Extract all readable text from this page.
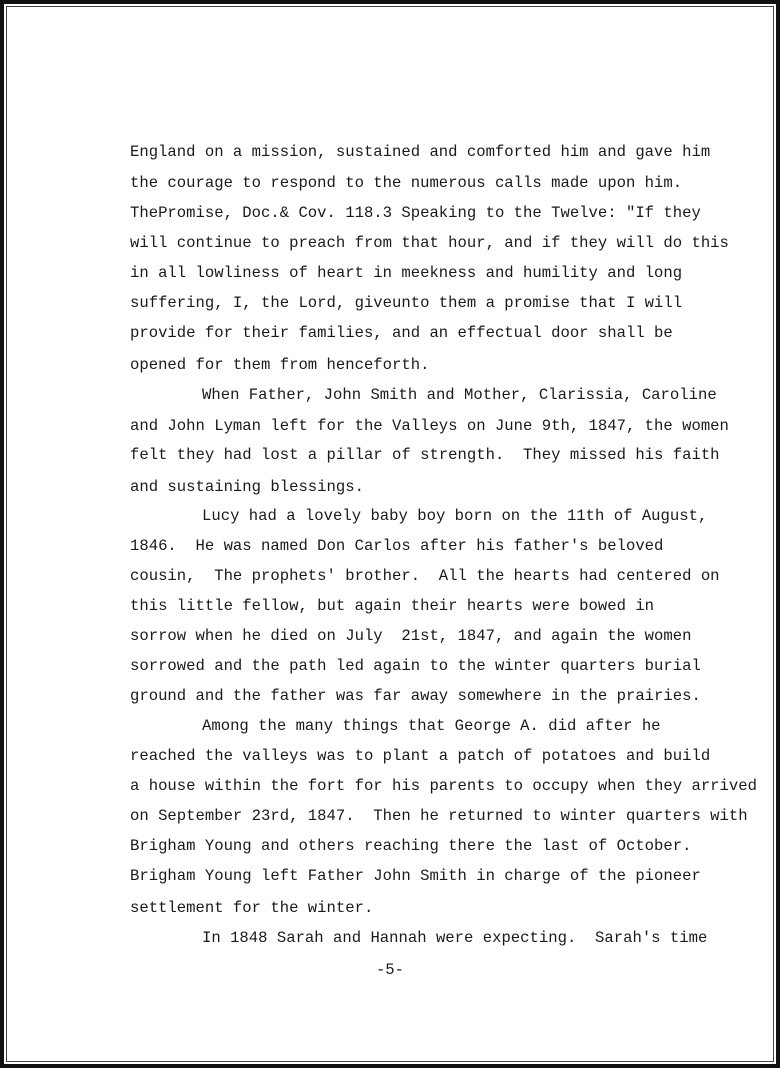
England on a mission, sustained and comforted him and gave him

the courage to respond to the numerous calls made upon him.

ThePromise, Doc.& Cov. 118.3 Speaking to the Twelve: "If they

will continue to preach from that hour, and if they will do this

in all lowliness of heart in meekness and humility and long

suffering, I, the Lord, giveunto them a promise that I will

provide for their families, and an effectual door shall be

opened for them from henceforth.

When Father, John Smith and Mother, Clarissia, Caroline

and John Lyman left for the Valleys on June 9th, 1847, the women

felt they had lost a pillar of strength.  They missed his faith

and sustaining blessings.

Lucy had a lovely baby boy born on the 11th of August,

1846.  He was named Don Carlos after his father's beloved

cousin,  The prophets' brother.  All the hearts had centered on

this little fellow, but again their hearts were bowed in

sorrow when he died on July  21st, 1847, and again the women

sorrowed and the path led again to the winter quarters burial

ground and the father was far away somewhere in the prairies.

Among the many things that George A. did after he

reached the valleys was to plant a patch of potatoes and build

a house within the fort for his parents to occupy when they arrived

on September 23rd, 1847.  Then he returned to winter quarters with

Brigham Young and others reaching there the last of October.

Brigham Young left Father John Smith in charge of the pioneer

settlement for the winter.

In 1848 Sarah and Hannah were expecting.  Sarah's time

-5-
